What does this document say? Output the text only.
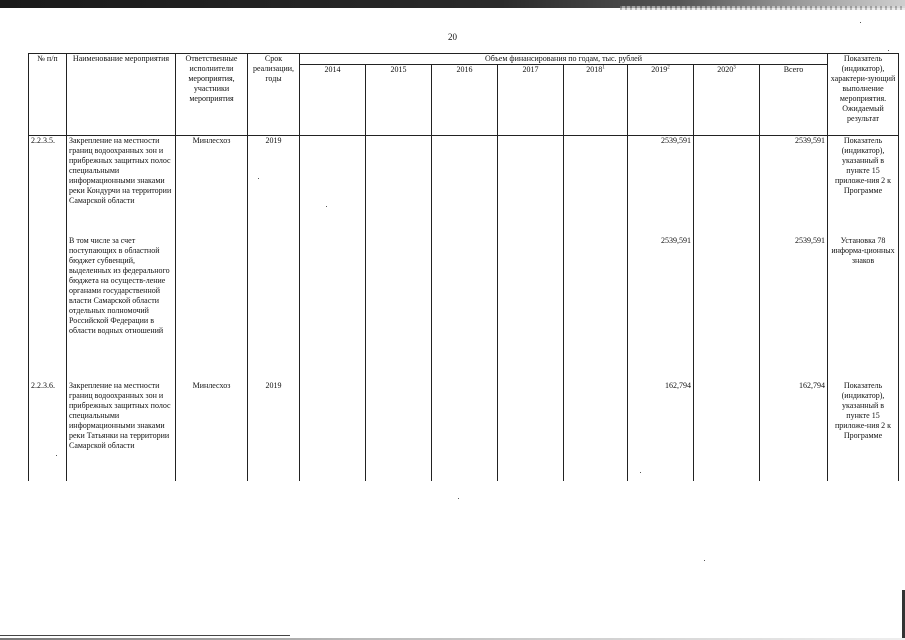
20
№ п/п	Наименование мероприятия	Ответственные исполнители мероприятия, участники мероприятия	Срок реализации, годы	Объем финансирования по годам, тыс. рублей								Показатель (индикатор), характери-зующий выполнение мероприятия. Ожидаемый результат
				2014	2015	2016	2017	2018$^1$	2019$^2$	2020$^3$	Всего	
2.2.3.5.	Закрепление на местности границ водоохранных зон и прибрежных защитных полос специальными информационными знаками реки Кондурчи на территории Самарской области	Минлесхоз	2019						2539,591		2539,591	Показатель (индикатор), указанный в пункте 15 приложе-ния 2 к Программе
	В том числе за счет поступающих в областной бюджет субвенций, выделенных из федерального бюджета на осуществ-ление органами государственной власти Самарской области отдельных полномочий Российской Федерации в области водных отношений								2539,591		2539,591	Установка 78 информа-ционных знаков
2.2.3.6.	Закрепление на местности границ водоохранных зон и прибрежных защитных полос специальными информационными знаками реки Татьянки на территории Самарской области	Минлесхоз	2019						162,794		162,794	Показатель (индикатор), указанный в пункте 15 приложе-ния 2 к Программе
